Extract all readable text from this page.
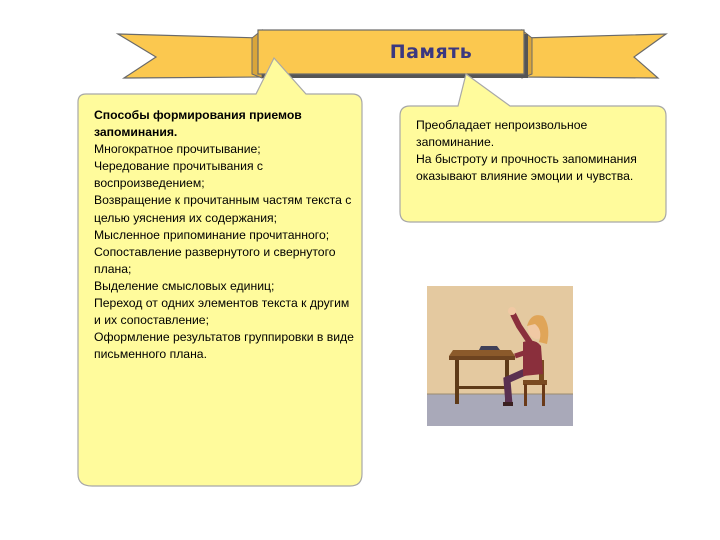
Память
Способы формирования приемов запоминания.
Многократное прочитывание;
Чередование прочитывания с воспроизведением;
Возвращение к прочитанным частям текста с целью уяснения их содержания;
Мысленное припоминание прочитанного;
Сопоставление развернутого и свернутого плана;
Выделение смысловых единиц;
Переход от одних элементов текста к другим и их сопоставление;
Оформление результатов группировки в виде письменного плана.
Преобладает непроизвольное запоминание.
На быстроту и прочность запоминания оказывают влияние эмоции и чувства.
